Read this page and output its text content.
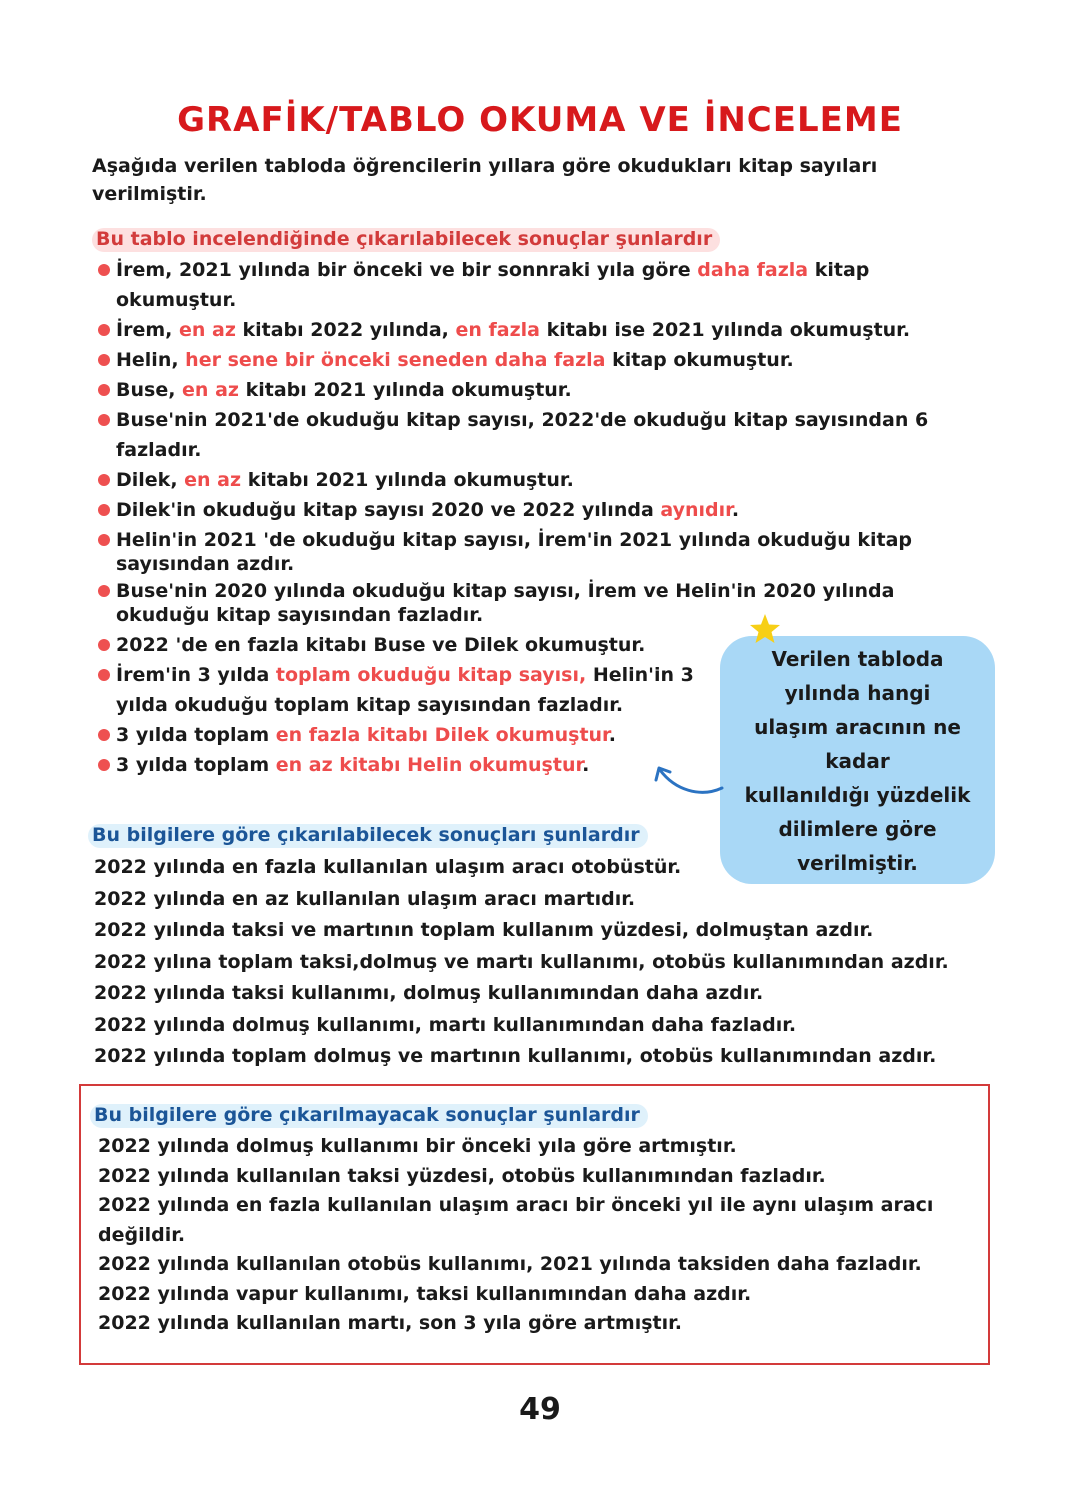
GRAFİK/TABLO OKUMA VE İNCELEME
Aşağıda verilen tabloda öğrencilerin yıllara göre okudukları kitap sayıları verilmiştir.
Bu tablo incelendiğinde çıkarılabilecek sonuçlar şunlardır
İrem, 2021 yılında bir önceki ve bir sonnraki yıla göre daha fazla kitap okumuştur.
İrem, en az kitabı 2022 yılında, en fazla kitabı ise 2021 yılında okumuştur.
Helin, her sene bir önceki seneden daha fazla kitap okumuştur.
Buse, en az kitabı 2021 yılında okumuştur.
Buse'nin 2021'de okuduğu kitap sayısı, 2022'de okuduğu kitap sayısından 6 fazladır.
Dilek, en az kitabı 2021 yılında okumuştur.
Dilek'in okuduğu kitap sayısı 2020 ve 2022 yılında aynıdır.
Helin'in 2021 'de okuduğu kitap sayısı, İrem'in 2021 yılında okuduğu kitap sayısından azdır.
Buse'nin 2020 yılında okuduğu kitap sayısı, İrem ve Helin'in 2020 yılında okuduğu kitap sayısından fazladır.
2022 'de en fazla kitabı Buse ve Dilek okumuştur.
İrem'in 3 yılda toplam okuduğu kitap sayısı, Helin'in 3 yılda okuduğu toplam kitap sayısından fazladır.
3 yılda toplam en fazla kitabı Dilek okumuştur.
3 yılda toplam en az kitabı Helin okumuştur.

Verilen tabloda

yılında hangi

ulaşım aracının ne

kadar

kullanıldığı yüzdelik

dilimlere göre

verilmiştir.

Bu bilgilere göre çıkarılabilecek sonuçları şunlardır
2022 yılında en fazla kullanılan ulaşım aracı otobüstür.
2022 yılında en az kullanılan ulaşım aracı martıdır.
2022 yılında taksi ve martının toplam kullanım yüzdesi, dolmuştan azdır.
2022 yılına toplam taksi,dolmuş ve martı kullanımı, otobüs kullanımından azdır.
2022 yılında taksi kullanımı, dolmuş kullanımından daha azdır.
2022 yılında dolmuş kullanımı, martı kullanımından daha fazladır.
2022 yılında toplam dolmuş ve martının kullanımı, otobüs kullanımından azdır.
Bu bilgilere göre çıkarılmayacak sonuçlar şunlardır
2022 yılında dolmuş kullanımı bir önceki yıla göre artmıştır.
2022 yılında kullanılan taksi yüzdesi, otobüs kullanımından fazladır.
2022 yılında en fazla kullanılan ulaşım aracı bir önceki yıl ile aynı ulaşım aracı değildir.
2022 yılında kullanılan otobüs kullanımı, 2021 yılında taksiden daha fazladır.
2022 yılında vapur kullanımı, taksi kullanımından daha azdır.
2022 yılında kullanılan martı, son 3 yıla göre artmıştır.
49
